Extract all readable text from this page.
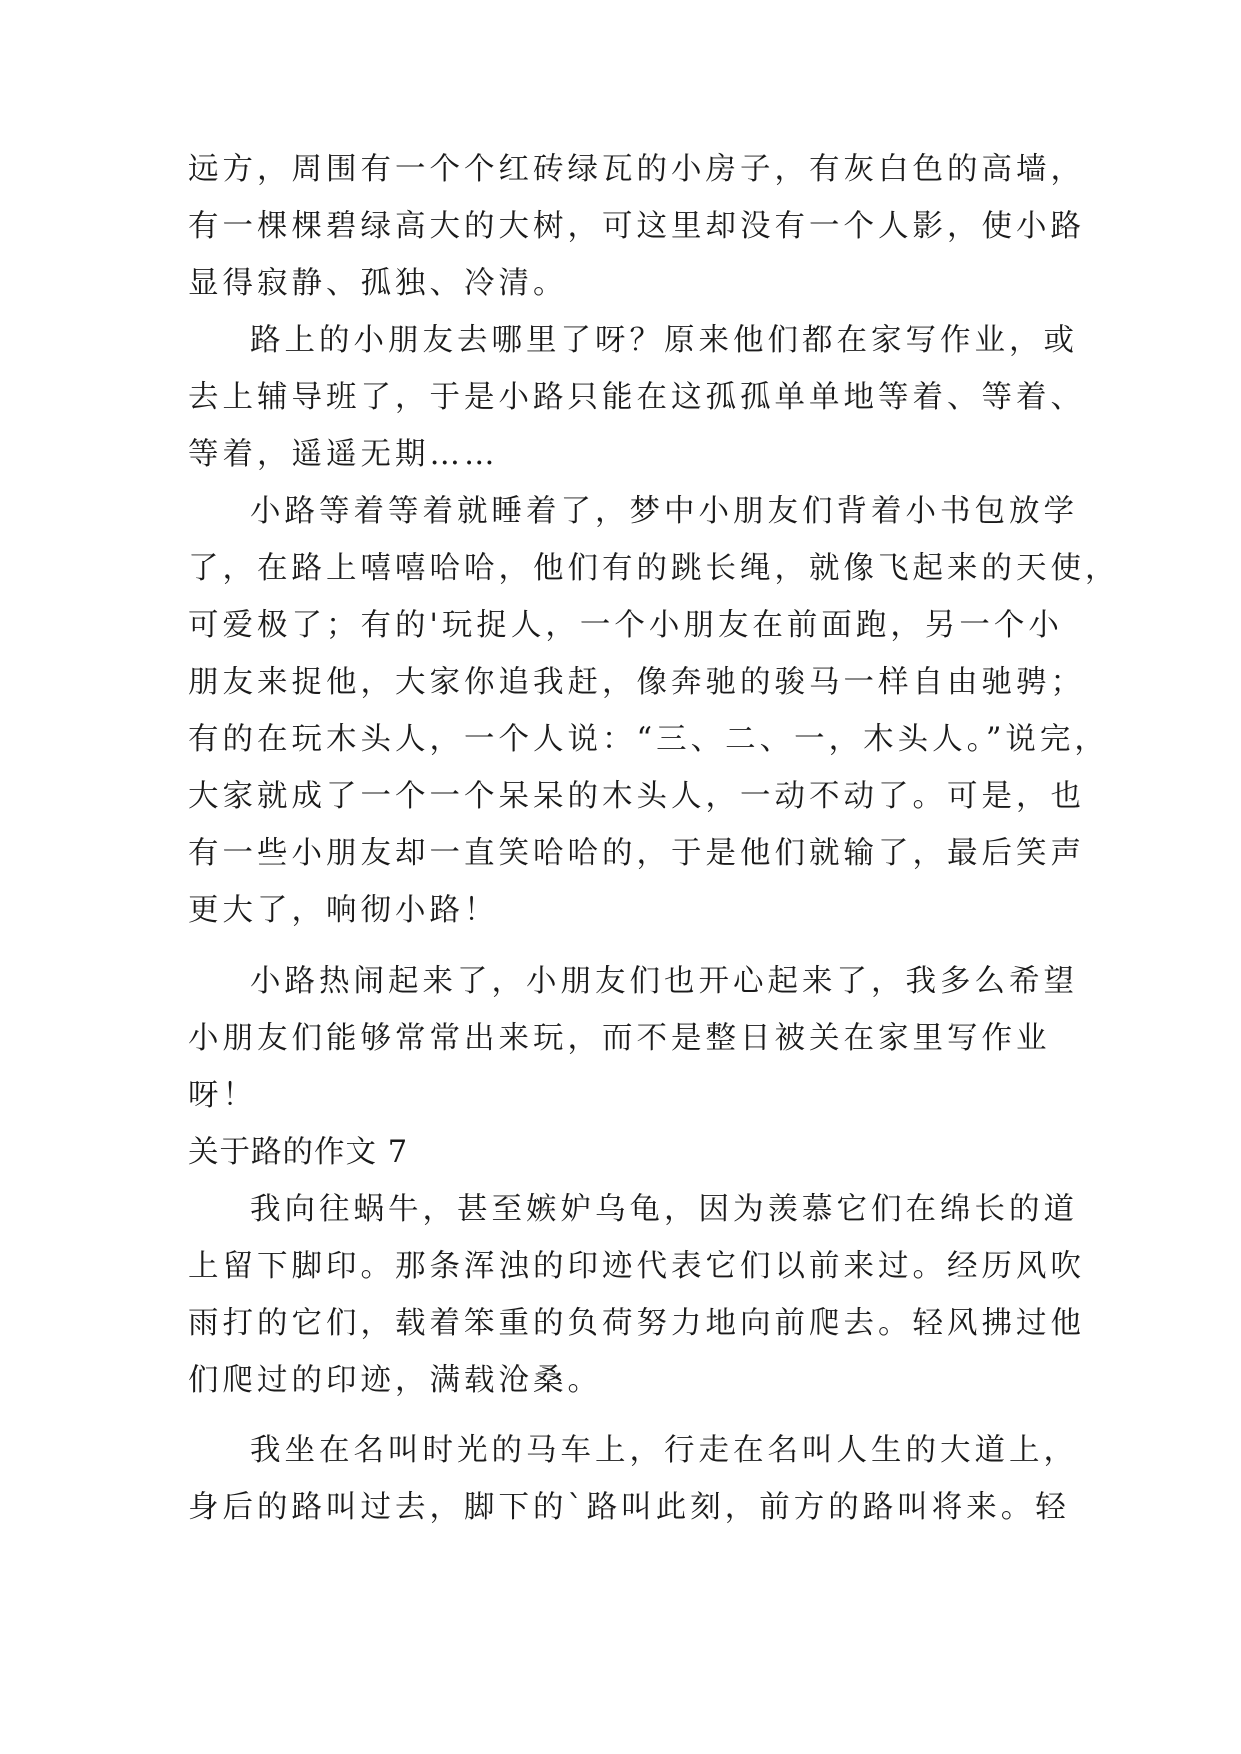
远方，周围有一个个红砖绿瓦的小房子，有灰白色的高墙，
有一棵棵碧绿高大的大树，可这里却没有一个人影，使小路
显得寂静、孤独、冷清。
路上的小朋友去哪里了呀？原来他们都在家写作业，或
去上辅导班了，于是小路只能在这孤孤单单地等着、等着、
等着，遥遥无期……
小路等着等着就睡着了，梦中小朋友们背着小书包放学
了，在路上嘻嘻哈哈，他们有的跳长绳，就像飞起来的天使，
可爱极了；有的'玩捉人，一个小朋友在前面跑，另一个小
朋友来捉他，大家你追我赶，像奔驰的骏马一样自由驰骋；
有的在玩木头人，一个人说：“三、二、一，木头人。”说完，
大家就成了一个一个呆呆的木头人，一动不动了。可是，也
有一些小朋友却一直笑哈哈的，于是他们就输了，最后笑声
更大了，响彻小路！
小路热闹起来了，小朋友们也开心起来了，我多么希望
小朋友们能够常常出来玩，而不是整日被关在家里写作业
呀！
关于路的作文 7
我向往蜗牛，甚至嫉妒乌龟，因为羡慕它们在绵长的道
上留下脚印。那条浑浊的印迹代表它们以前来过。经历风吹
雨打的它们，载着笨重的负荷努力地向前爬去。轻风拂过他
们爬过的印迹，满载沧桑。
我坐在名叫时光的马车上，行走在名叫人生的大道上，
身后的路叫过去，脚下的`路叫此刻，前方的路叫将来。轻
